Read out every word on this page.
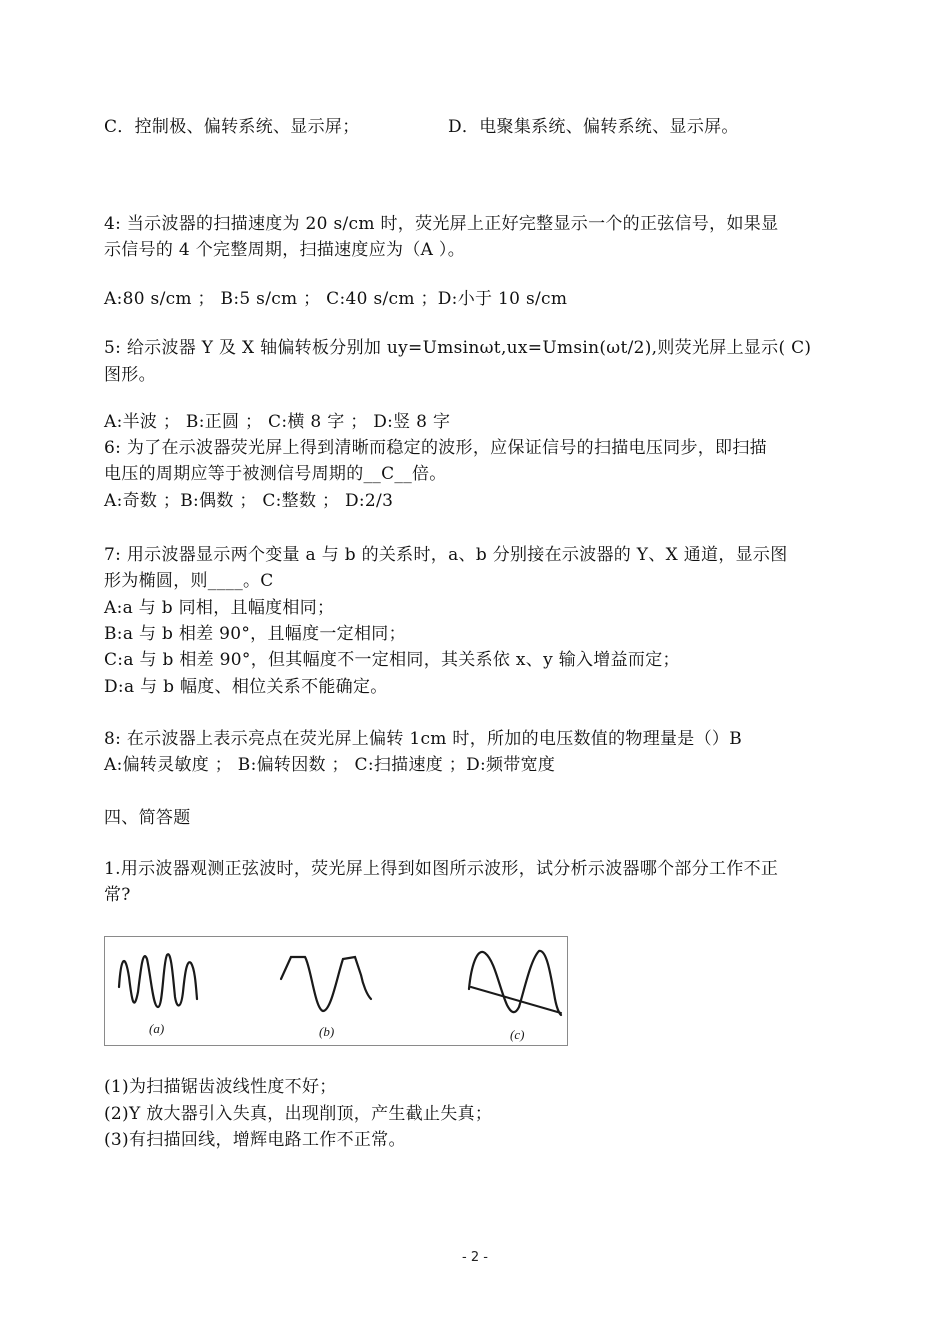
C．控制极、偏转系统、显示屏；	D．电聚集系统、偏转系统、显示屏。
4: 当示波器的扫描速度为 20 s/cm 时，荧光屏上正好完整显示一个的正弦信号，如果显
示信号的 4 个完整周期，扫描速度应为（A ）。
A:80 s/cm ； B:5 s/cm ； C:40 s/cm ；D:小于 10 s/cm
5: 给示波器 Y 及 X 轴偏转板分别加 uy=Umsinωt,ux=Umsin(ωt/2),则荧光屏上显示( C)
图形。
A:半波 ； B:正圆 ； C:横 8 字 ； D:竖 8 字
6: 为了在示波器荧光屏上得到清晰而稳定的波形，应保证信号的扫描电压同步，即扫描
电压的周期应等于被测信号周期的__C__倍。
A:奇数 ；B:偶数 ； C:整数 ； D:2/3
7: 用示波器显示两个变量 a 与 b 的关系时，a、b 分别接在示波器的 Y、X 通道，显示图
形为椭圆，则____。C
A:a 与 b 同相，且幅度相同；
B:a 与 b 相差 90°，且幅度一定相同；
C:a 与 b 相差 90°，但其幅度不一定相同，其关系依 x、y 输入增益而定；
D:a 与 b 幅度、相位关系不能确定。
8: 在示波器上表示亮点在荧光屏上偏转 1cm 时，所加的电压数值的物理量是（）B
A:偏转灵敏度 ； B:偏转因数 ； C:扫描速度 ；D:频带宽度
四、简答题
1.用示波器观测正弦波时，荧光屏上得到如图所示波形，试分析示波器哪个部分工作不正
常?
(a)	(b)	(c)
(1)为扫描锯齿波线性度不好；
(2)Y 放大器引入失真，出现削顶，产生截止失真；
(3)有扫描回线，增辉电路工作不正常。
- 2 -
